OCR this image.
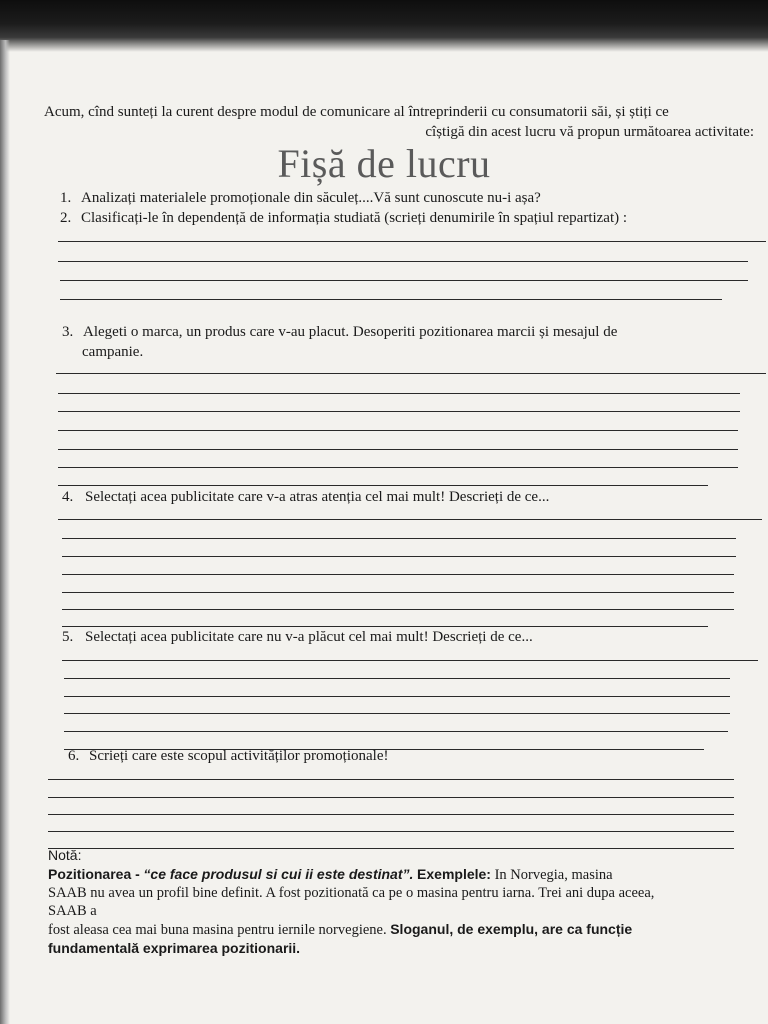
Acum, cînd sunteți la curent despre modul de comunicare al întreprinderii cu consumatorii săi, și știți ce
cîștigă din acest lucru vă propun următoarea activitate:
Fișă de lucru
1. Analizați materialele promoționale din săculeț....Vă sunt cunoscute nu-i așa?
2. Clasificați-le în dependență de informația studiată (scrieți denumirile în spațiul repartizat) :
3. Alegeti o marca, un produs care v-au placut. Desoperiti pozitionarea marcii și mesajul de
campanie.
4. Selectați acea publicitate care v-a atras atenția cel mai mult! Descrieți de ce...
5. Selectați acea publicitate care nu v-a plăcut cel mai mult! Descrieți de ce...
6. Scrieți care este scopul activităților promoționale!

Notă:

Pozitionarea - “ce face produsul si cui ii este destinat”. Exemplele: In Norvegia, masina

SAAB nu avea un profil bine definit. A fost pozitionată ca pe o masina pentru iarna. Trei ani dupa aceea,

SAAB a

fost aleasa cea mai buna masina pentru iernile norvegiene. Sloganul, de exemplu, are ca funcție

fundamentală exprimarea pozitionarii.
